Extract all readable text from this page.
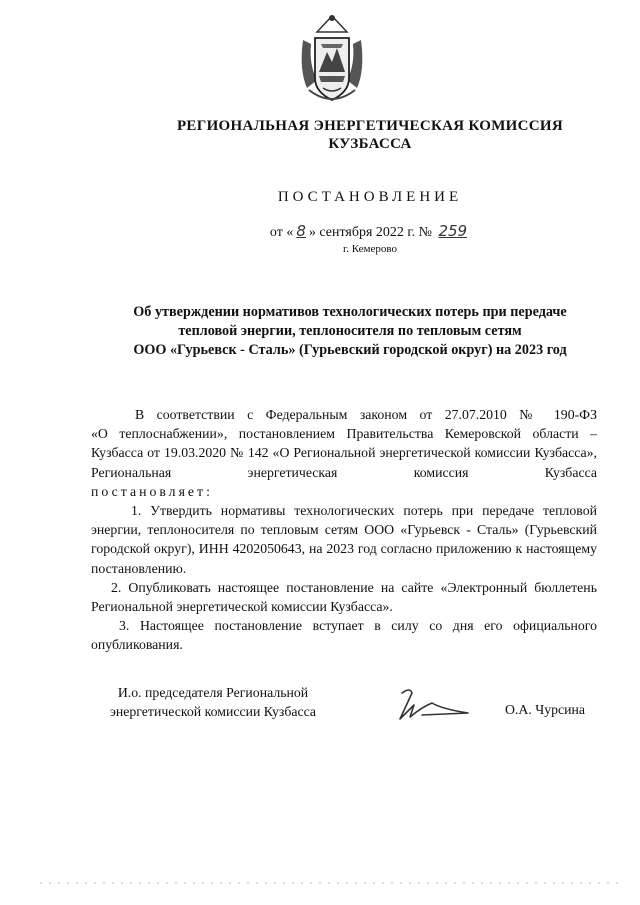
РЕГИОНАЛЬНАЯ ЭНЕРГЕТИЧЕСКАЯ КОМИССИЯ
КУЗБАССА
ПОСТАНОВЛЕНИЕ
от « 8 » сентября 2022 г. № 259
г. Кемерово
Об утверждении нормативов технологических потерь при передаче
тепловой энергии, теплоносителя по тепловым сетям
ООО «Гурьевск - Сталь» (Гурьевский городской округ) на 2023 год
В соответствии с Федеральным законом от 27.07.2010 № 190-ФЗ
«О теплоснабжении», постановлением Правительства Кемеровской области – Кузбасса от 19.03.2020 № 142 «О Региональной энергетической комиссии Кузбасса», Региональная энергетическая комиссия Кузбасса
постановляет:
1. Утвердить нормативы технологических потерь при передаче тепловой энергии, теплоносителя по тепловым сетям ООО «Гурьевск - Сталь» (Гурьевский городской округ), ИНН 4202050643, на 2023 год согласно приложению к настоящему постановлению.
2. Опубликовать настоящее постановление на сайте «Электронный бюллетень Региональной энергетической комиссии Кузбасса».
3. Настоящее постановление вступает в силу со дня его официального опубликования.
И.о. председателя Региональной
энергетической комиссии Кузбасса	О.А. Чурсина
